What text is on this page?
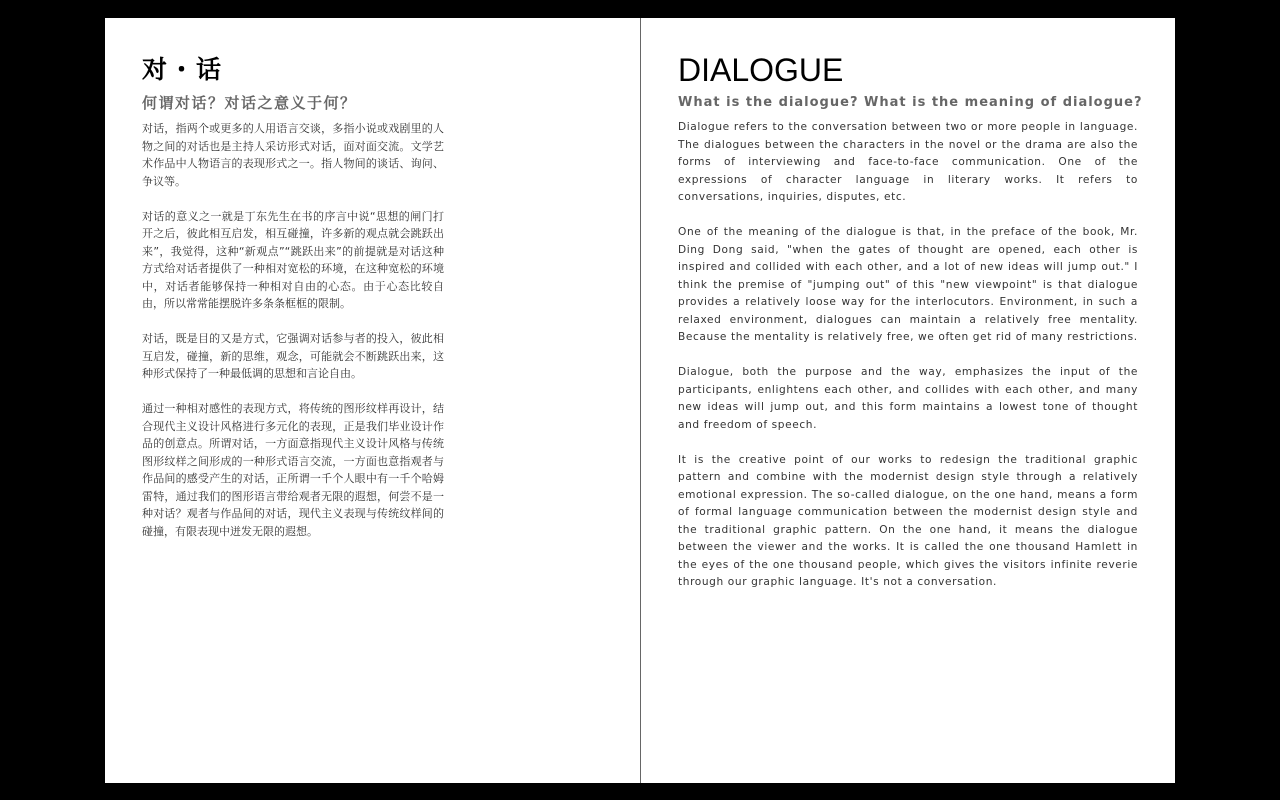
对・话
何谓对话？对话之意义于何？

对话，指两个或更多的人用语言交谈，多指小说或戏剧里的人物之间的对话也是主持人采访形式对话，面对面交流。文学艺术作品中人物语言的表现形式之一。指人物间的谈话、询问、争议等。

对话的意义之一就是丁东先生在书的序言中说“思想的闸门打开之后，彼此相互启发，相互碰撞，许多新的观点就会跳跃出来”，我觉得，这种“新观点”“跳跃出来”的前提就是对话这种方式给对话者提供了一种相对宽松的环境，在这种宽松的环境中，对话者能够保持一种相对自由的心态。由于心态比较自由，所以常常能摆脱许多条条框框的限制。

对话，既是目的又是方式，它强调对话参与者的投入，彼此相互启发，碰撞，新的思维，观念，可能就会不断跳跃出来，这种形式保持了一种最低调的思想和言论自由。

通过一种相对感性的表现方式，将传统的图形纹样再设计，结合现代主义设计风格进行多元化的表现，正是我们毕业设计作品的创意点。所谓对话，一方面意指现代主义设计风格与传统图形纹样之间形成的一种形式语言交流，一方面也意指观者与作品间的感受产生的对话，正所谓一千个人眼中有一千个哈姆雷特，通过我们的图形语言带给观者无限的遐想，何尝不是一种对话？观者与作品间的对话，现代主义表现与传统纹样间的碰撞，有限表现中迸发无限的遐想。

DIALOGUE
What is the dialogue? What is the meaning of dialogue?

Dialogue refers to the conversation between two or more people in language. The dialogues between the characters in the novel or the drama are also the forms of interviewing and face-to-face communication. One of the expressions of character language in literary works. It refers to conversations, inquiries, disputes, etc.

One of the meaning of the dialogue is that, in the preface of the book, Mr. Ding Dong said, "when the gates of thought are opened, each other is inspired and collided with each other, and a lot of new ideas will jump out." I think the premise of "jumping out" of this "new viewpoint" is that dialogue provides a relatively loose way for the interlocutors. Environment, in such a relaxed environment, dialogues can maintain a relatively free mentality. Because the mentality is relatively free, we often get rid of many restrictions.

Dialogue, both the purpose and the way, emphasizes the input of the participants, enlightens each other, and collides with each other, and many new ideas will jump out, and this form maintains a lowest tone of thought and freedom of speech.

It is the creative point of our works to redesign the traditional graphic pattern and combine with the modernist design style through a relatively emotional expression. The so-called dialogue, on the one hand, means a form of formal language communication between the modernist design style and the traditional graphic pattern. On the one hand, it means the dialogue between the viewer and the works. It is called the one thousand Hamlett in the eyes of the one thousand people, which gives the visitors infinite reverie through our graphic language. It's not a conversation.
